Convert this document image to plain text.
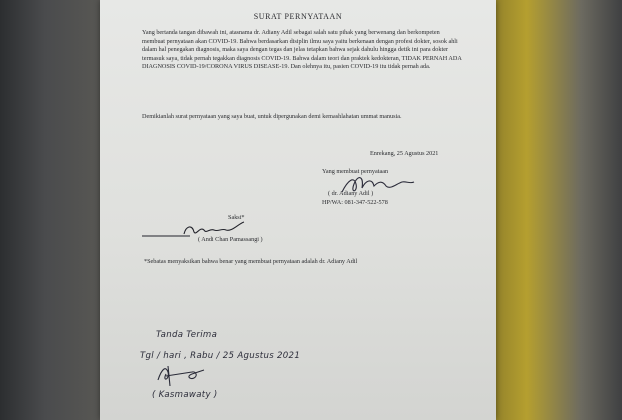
SURAT PERNYATAAN
Yang bertanda tangan dibawah ini, atasnama dr. Adiany Adil sebagai salah satu pihak yang berwenang dan berkompeten membuat pernyataan akan COVID-19. Bahwa berdasarkan disiplin ilmu saya yaitu berkenaan dengan profesi dokter, sosok ahli dalam hal penegakan diagnosis, maka saya dengan tegas dan jelas tetapkan bahwa sejak dahulu hingga detik ini para dokter termasuk saya, tidak pernah tegakkan diagnosis COVID-19. Bahwa dalam teori dan praktek kedokteran, TIDAK PERNAH ADA DIAGNOSIS COVID-19/CORONA VIRUS DISEASE-19. Dan olehnya itu, pasien COVID-19 itu tidak pernah ada.
Demikianlah surat pernyataan yang saya buat, untuk dipergunakan demi kemashlahatan ummat manusia.
Enrekang, 25 Agustus 2021
Yang membuat pernyataan
( dr. Adiany Adil )
HP/WA: 081-347-522-578
Saksi*
( Andi Chan Pamassangi )
*Sebatas menyaksikan bahwa benar yang membuat pernyataan adalah dr. Adiany Adil
Tanda Terima
Tgl / hari , Rabu / 25 Agustus 2021
( Kasmawaty )
